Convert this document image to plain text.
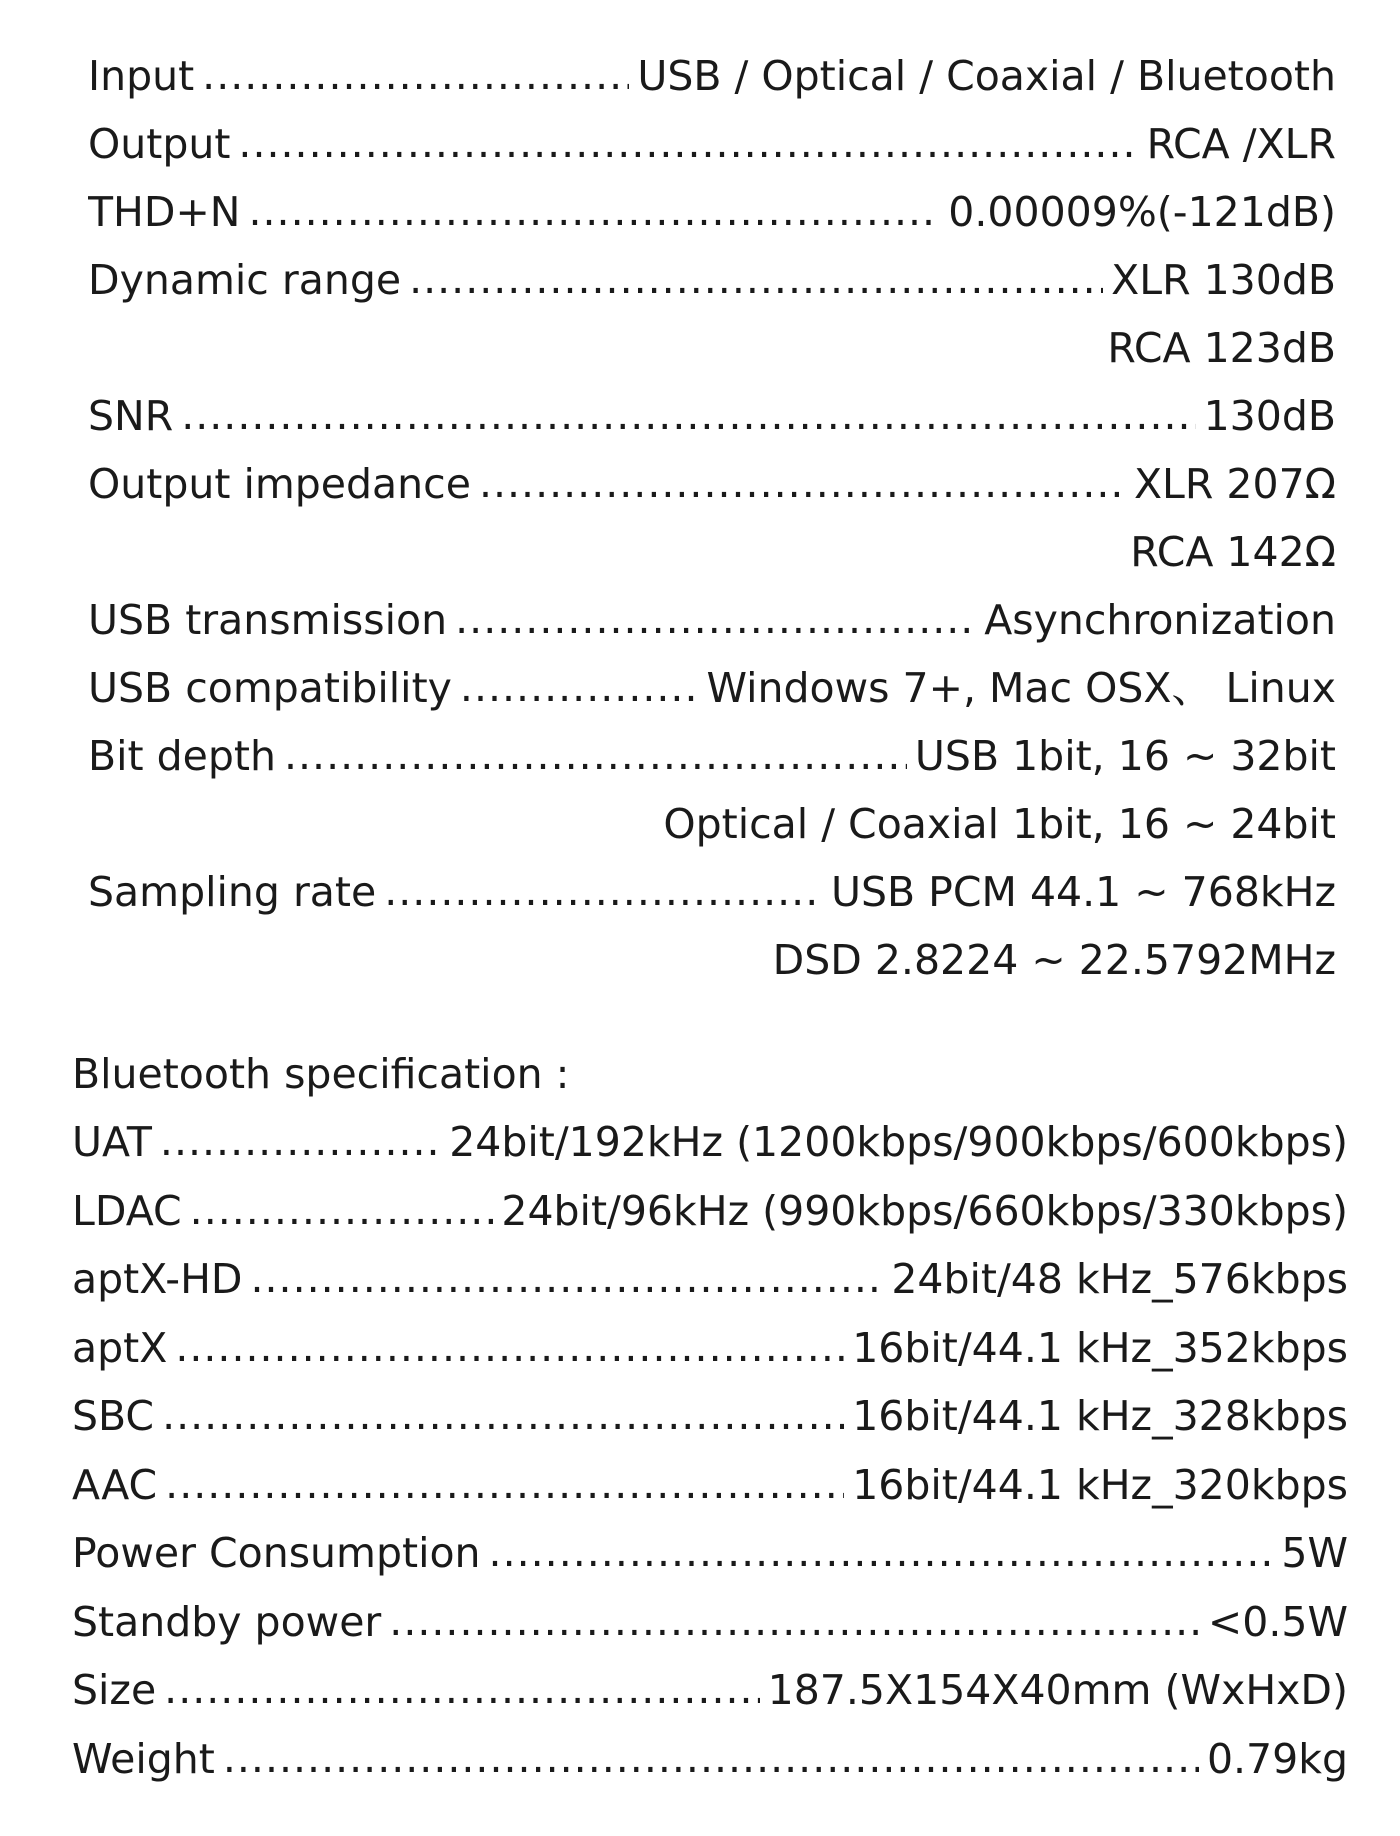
Input .....	USB / Optical / Coaxial / Bluetooth
Output .....	RCA /XLR
THD+N .....	0.00009%(-121dB)
Dynamic range .....	XLR 130dB
RCA 123dB
SNR .....	130dB
Output impedance .....	XLR 207Ω
RCA 142Ω
USB transmission .....	Asynchronization
USB compatibility .....	Windows 7+, Mac OSX、 Linux
Bit depth .....	USB 1bit, 16 ~ 32bit
Optical / Coaxial 1bit, 16 ~ 24bit
Sampling rate .....	USB PCM 44.1 ~ 768kHz
DSD 2.8224 ~ 22.5792MHz
Bluetooth specification :
UAT .....	24bit/192kHz (1200kbps/900kbps/600kbps)
LDAC .....	24bit/96kHz (990kbps/660kbps/330kbps)
aptX-HD .....	24bit/48 kHz_576kbps
aptX .....	16bit/44.1 kHz_352kbps
SBC .....	16bit/44.1 kHz_328kbps
AAC .....	16bit/44.1 kHz_320kbps
Power Consumption .....	5W
Standby power .....	<0.5W
Size .....	187.5X154X40mm (WxHxD)
Weight .....	0.79kg
